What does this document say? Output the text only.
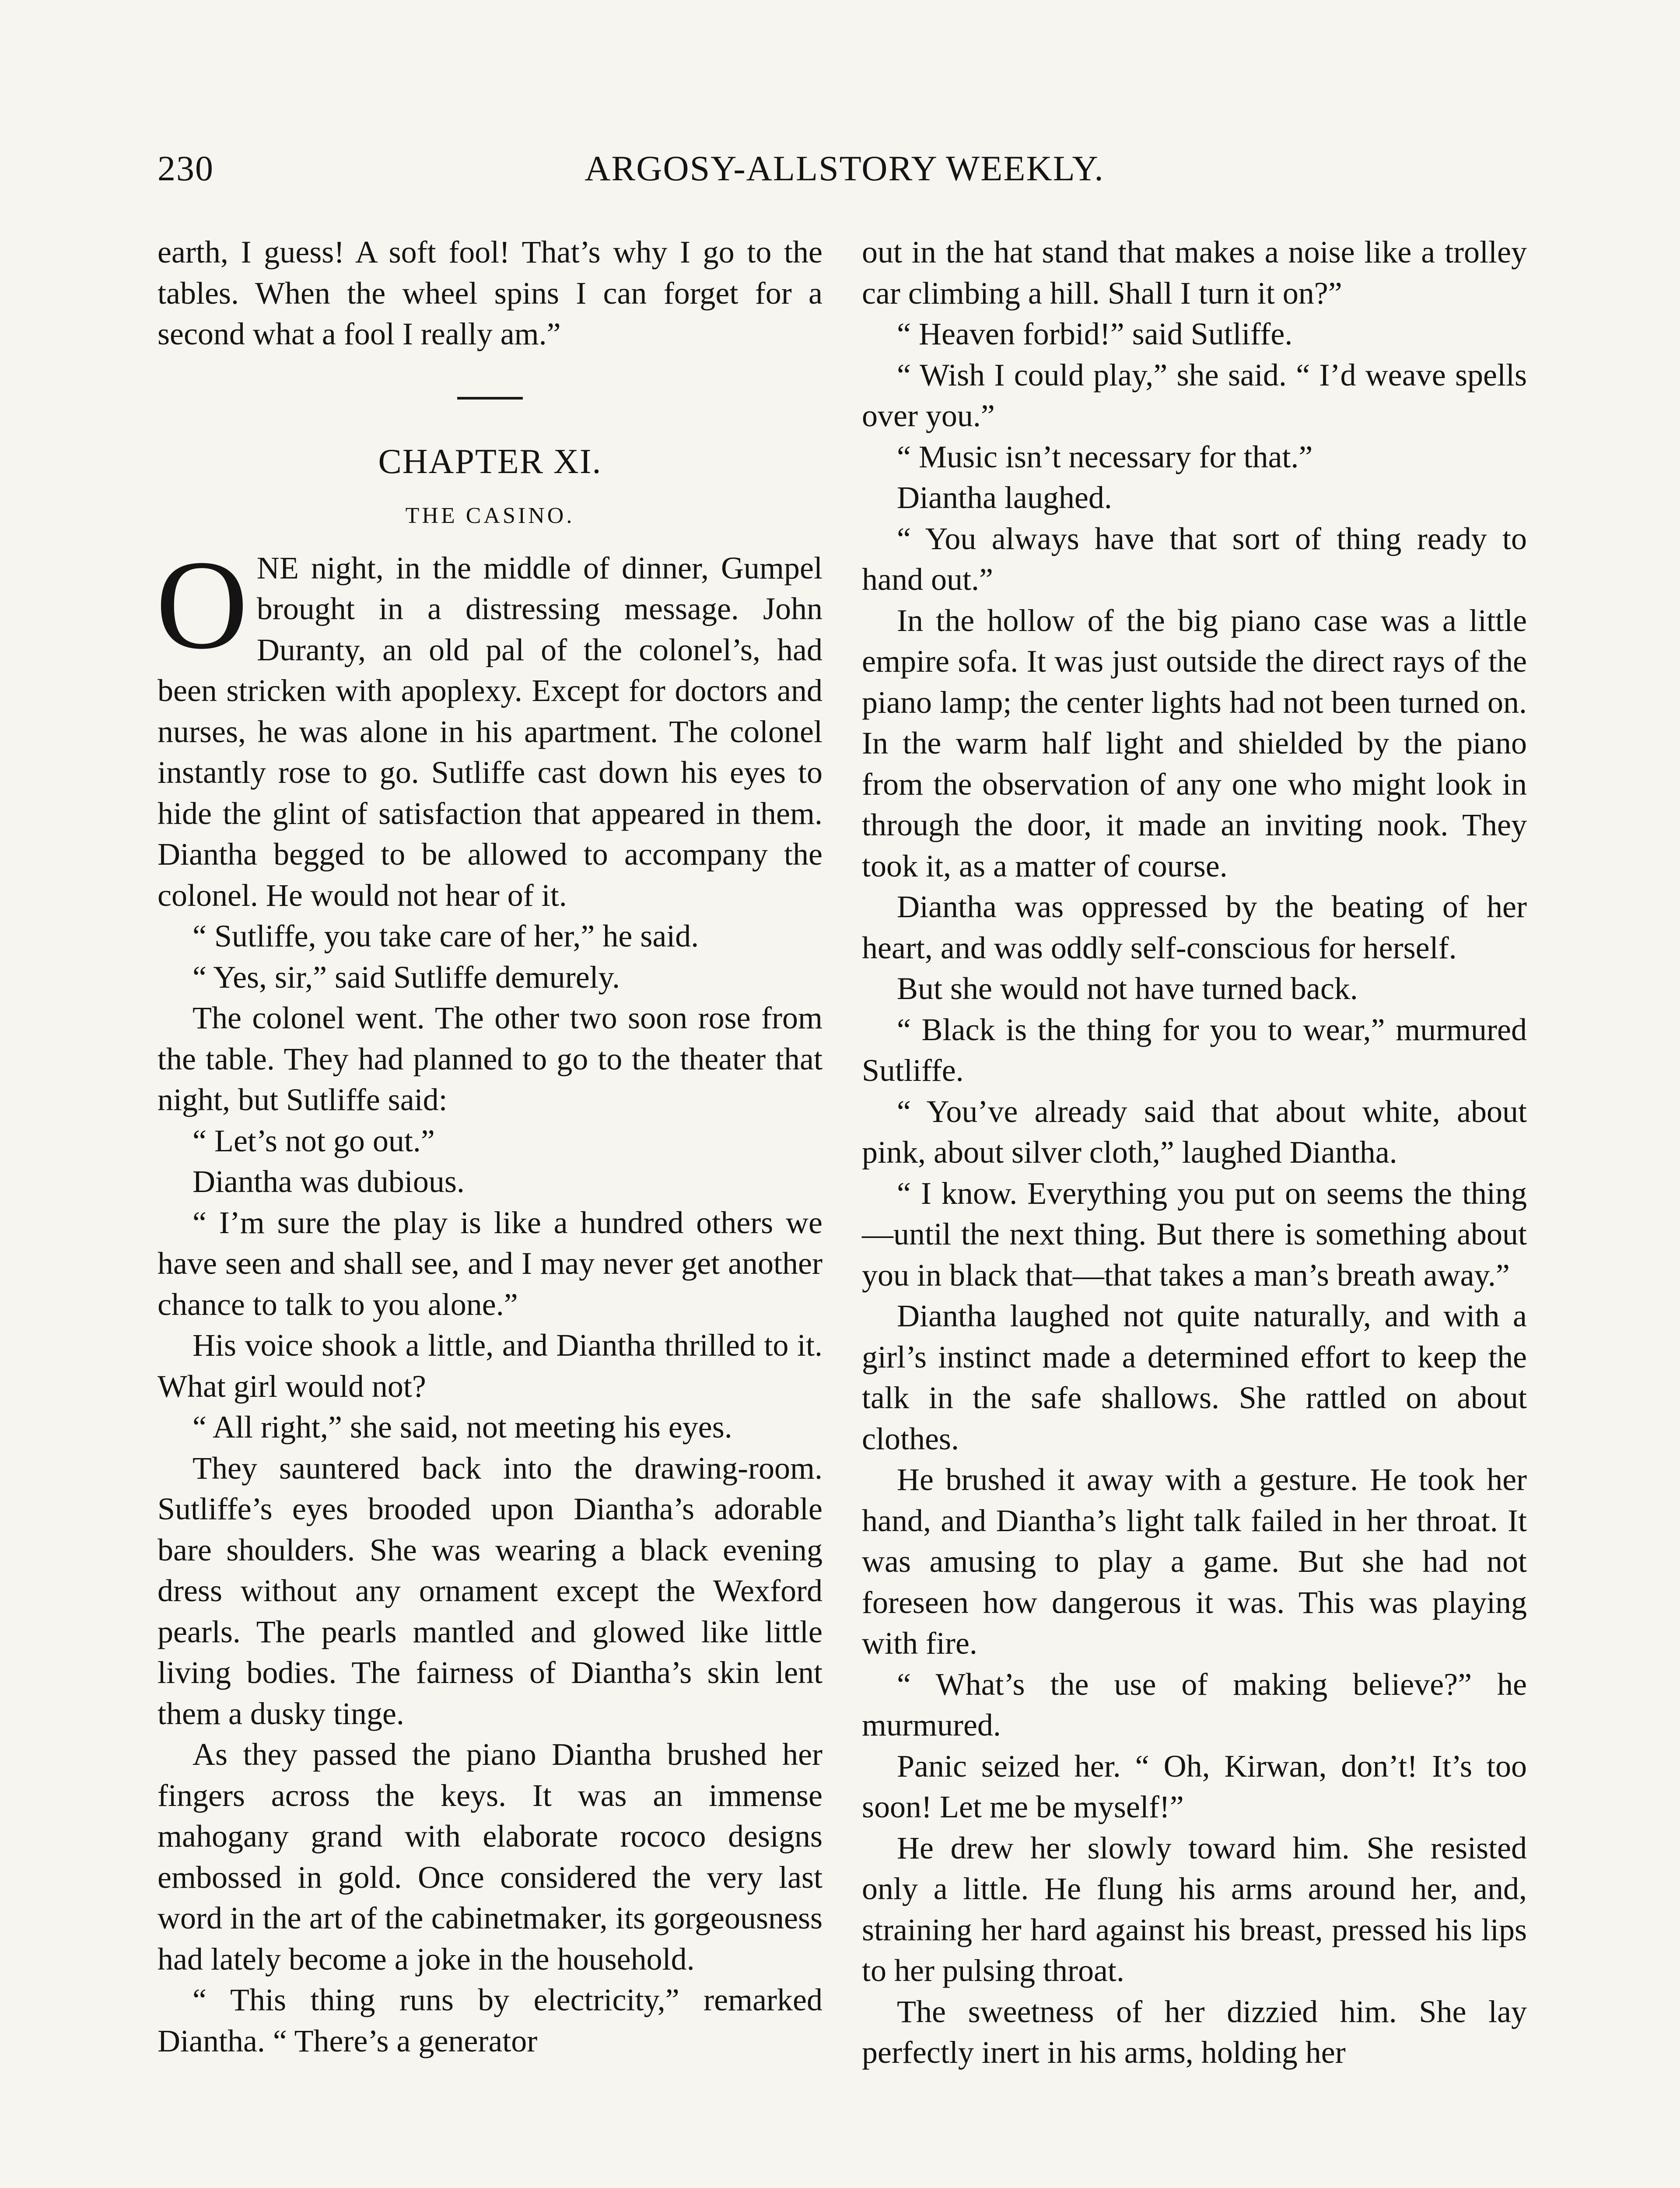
230	ARGOSY-ALLSTORY WEEKLY.

earth, I guess! A soft fool! That’s why I go to the tables. When the wheel spins I can forget for a second what a fool I really am.”

CHAPTER XI.
THE CASINO.

ONE night, in the middle of dinner, Gumpel brought in a distressing message. John Duranty, an old pal of the colonel’s, had been stricken with apoplexy. Except for doctors and nurses, he was alone in his apartment. The colonel instantly rose to go. Sutliffe cast down his eyes to hide the glint of satisfaction that appeared in them. Diantha begged to be allowed to accompany the colonel. He would not hear of it.

“ Sutliffe, you take care of her,” he said.

“ Yes, sir,” said Sutliffe demurely.

The colonel went. The other two soon rose from the table. They had planned to go to the theater that night, but Sutliffe said:

“ Let’s not go out.”

Diantha was dubious.

“ I’m sure the play is like a hundred others we have seen and shall see, and I may never get another chance to talk to you alone.”

His voice shook a little, and Diantha thrilled to it. What girl would not?

“ All right,” she said, not meeting his eyes.

They sauntered back into the drawing-room. Sutliffe’s eyes brooded upon Diantha’s adorable bare shoulders. She was wearing a black evening dress without any ornament except the Wexford pearls. The pearls mantled and glowed like little living bodies. The fairness of Diantha’s skin lent them a dusky tinge.

As they passed the piano Diantha brushed her fingers across the keys. It was an immense mahogany grand with elaborate rococo designs embossed in gold. Once considered the very last word in the art of the cabinetmaker, its gorgeousness had lately become a joke in the household.

“ This thing runs by electricity,” remarked Diantha. “ There’s a generator

out in the hat stand that makes a noise like a trolley car climbing a hill. Shall I turn it on?”

“ Heaven forbid!” said Sutliffe.

“ Wish I could play,” she said. “ I’d weave spells over you.”

“ Music isn’t necessary for that.”

Diantha laughed.

“ You always have that sort of thing ready to hand out.”

In the hollow of the big piano case was a little empire sofa. It was just outside the direct rays of the piano lamp; the center lights had not been turned on. In the warm half light and shielded by the piano from the observation of any one who might look in through the door, it made an inviting nook. They took it, as a matter of course.

Diantha was oppressed by the beating of her heart, and was oddly self-conscious for herself.

But she would not have turned back.

“ Black is the thing for you to wear,” murmured Sutliffe.

“ You’ve already said that about white, about pink, about silver cloth,” laughed Diantha.

“ I know. Everything you put on seems the thing—until the next thing. But there is something about you in black that—that takes a man’s breath away.”

Diantha laughed not quite naturally, and with a girl’s instinct made a determined effort to keep the talk in the safe shallows. She rattled on about clothes.

He brushed it away with a gesture. He took her hand, and Diantha’s light talk failed in her throat. It was amusing to play a game. But she had not foreseen how dangerous it was. This was playing with fire.

“ What’s the use of making believe?” he murmured.

Panic seized her. “ Oh, Kirwan, don’t! It’s too soon! Let me be myself!”

He drew her slowly toward him. She resisted only a little. He flung his arms around her, and, straining her hard against his breast, pressed his lips to her pulsing throat.

The sweetness of her dizzied him. She lay perfectly inert in his arms, holding her
